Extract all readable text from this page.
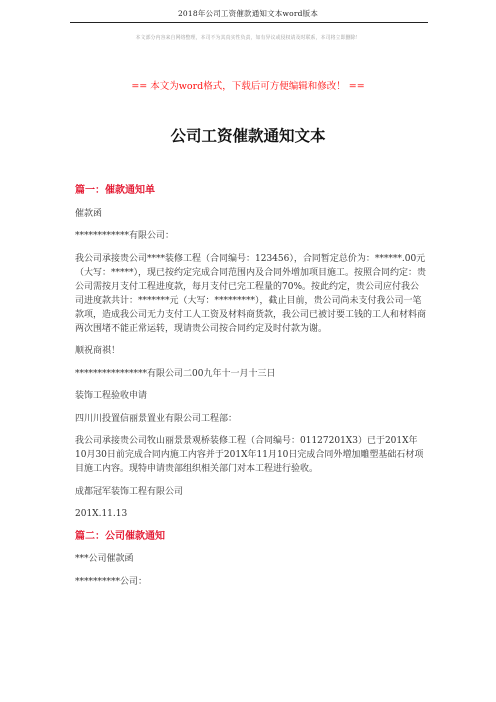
2018年公司工资催款通知文本word版本
本文部分内容来自网络整理，本司不为其真实性负责，如有异议或侵权请及时联系，本司将立即删除！
== 本文为word格式，下载后可方便编辑和修改！ ==
公司工资催款通知文本

篇一：催款通知单

催款函

************有限公司：

我公司承接贵公司****装修工程（合同编号：123456），合同暂定总价为：******.00元（大写：*****），现已按约定完成合同范围内及合同外增加项目施工。按照合同约定：贵公司需按月支付工程进度款，每月支付已完工程量的70%。按此约定，贵公司应付我公司进度款共计：*******元（大写：*********），截止目前，贵公司尚未支付我公司一笔款项，造成我公司无力支付工人工资及材料商货款，我公司已被讨要工钱的工人和材料商两次围堵不能正常运转，现请贵公司按合同约定及时付款为谢。

顺祝商祺！

****************有限公司二00九年十一月十三日

装饰工程验收申请

四川川投置信丽景置业有限公司工程部：

我公司承接贵公司牧山丽景景观桥装修工程（合同编号：01127201X3）已于201X年10月30日前完成合同内施工内容并于201X年11月10日完成合同外増加雕塑基础石材项目施工内容。现特申请贵部组织相关部门对本工程进行验收。

成都冠军装饰工程有限公司

201X.11.13

篇二：公司催款通知

***公司催款函

**********公司：
